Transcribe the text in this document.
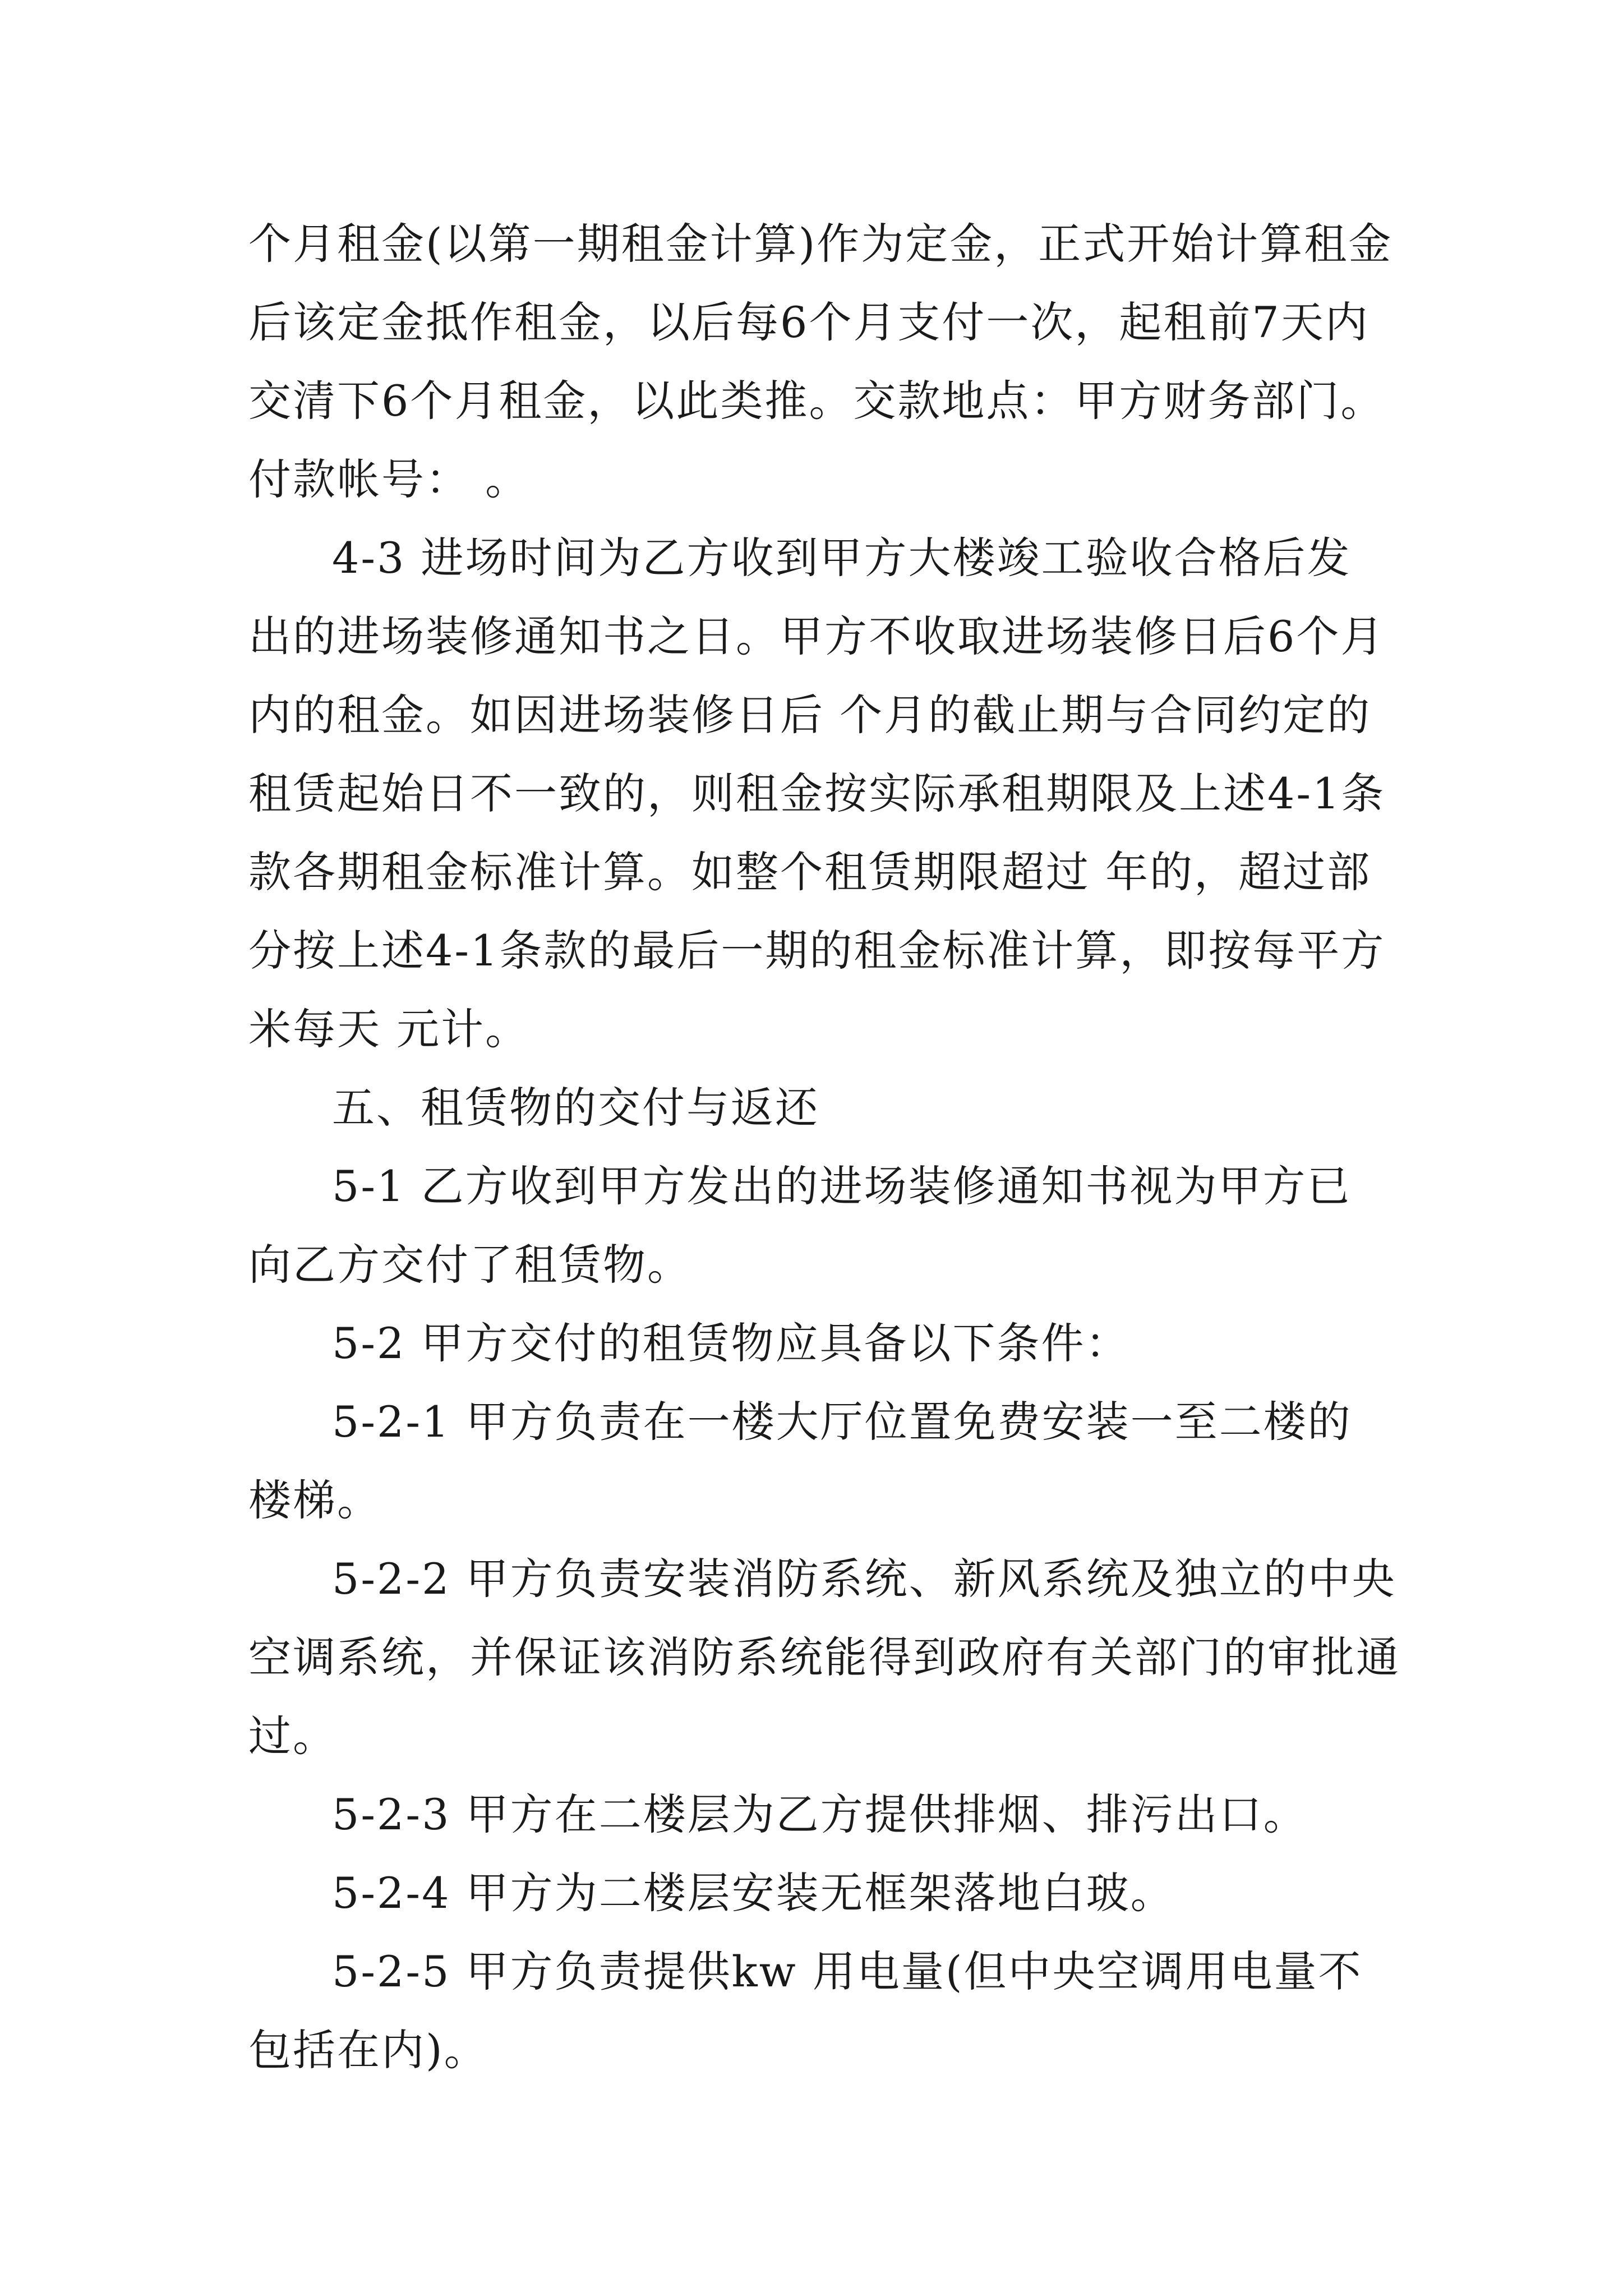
个月租金(以第一期租金计算)作为定金，正式开始计算租金
后该定金抵作租金，以后每6个月支付一次，起租前7天内
交清下6个月租金，以此类推。交款地点：甲方财务部门。
付款帐号： 。
4-3 进场时间为乙方收到甲方大楼竣工验收合格后发
出的进场装修通知书之日。甲方不收取进场装修日后6个月
内的租金。如因进场装修日后 个月的截止期与合同约定的
租赁起始日不一致的，则租金按实际承租期限及上述4-1条
款各期租金标准计算。如整个租赁期限超过 年的，超过部
分按上述4-1条款的最后一期的租金标准计算，即按每平方
米每天 元计。
五、租赁物的交付与返还
5-1 乙方收到甲方发出的进场装修通知书视为甲方已
向乙方交付了租赁物。
5-2 甲方交付的租赁物应具备以下条件：
5-2-1 甲方负责在一楼大厅位置免费安装一至二楼的
楼梯。
5-2-2 甲方负责安装消防系统、新风系统及独立的中央
空调系统，并保证该消防系统能得到政府有关部门的审批通
过。
5-2-3 甲方在二楼层为乙方提供排烟、排污出口。
5-2-4 甲方为二楼层安装无框架落地白玻。
5-2-5 甲方负责提供kw 用电量(但中央空调用电量不
包括在内)。
